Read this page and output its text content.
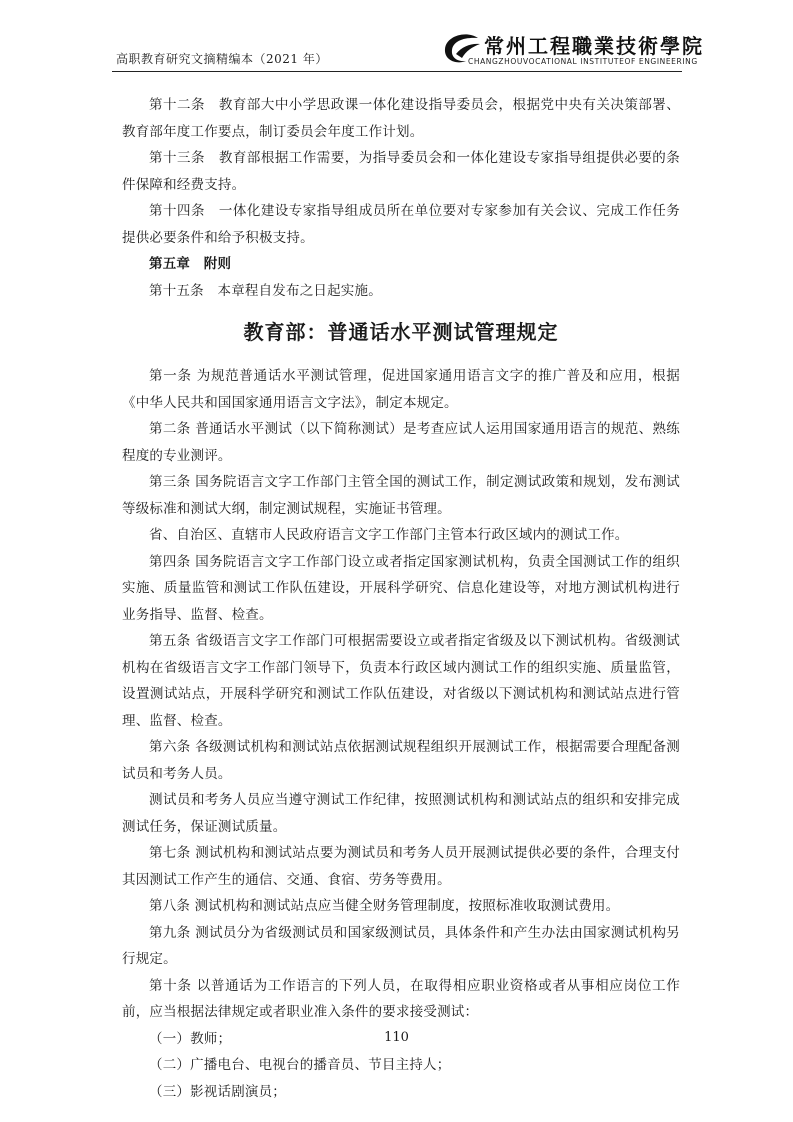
高职教育研究文摘精编本（2021 年）
常州工程職業技術學院
CHANGZHOUVOCATIONAL INSTITUTEOF ENGINEERING

第十二条　教育部大中小学思政课一体化建设指导委员会，根据党中央有关决策部署、教育部年度工作要点，制订委员会年度工作计划。

第十三条　教育部根据工作需要，为指导委员会和一体化建设专家指导组提供必要的条件保障和经费支持。

第十四条　一体化建设专家指导组成员所在单位要对专家参加有关会议、完成工作任务提供必要条件和给予积极支持。

第五章　附则

第十五条　本章程自发布之日起实施。

教育部：普通话水平测试管理规定

第一条 为规范普通话水平测试管理，促进国家通用语言文字的推广普及和应用，根据《中华人民共和国国家通用语言文字法》，制定本规定。

第二条 普通话水平测试（以下简称测试）是考查应试人运用国家通用语言的规范、熟练程度的专业测评。

第三条 国务院语言文字工作部门主管全国的测试工作，制定测试政策和规划，发布测试等级标准和测试大纲，制定测试规程，实施证书管理。

省、自治区、直辖市人民政府语言文字工作部门主管本行政区域内的测试工作。

第四条 国务院语言文字工作部门设立或者指定国家测试机构，负责全国测试工作的组织实施、质量监管和测试工作队伍建设，开展科学研究、信息化建设等，对地方测试机构进行业务指导、监督、检查。

第五条 省级语言文字工作部门可根据需要设立或者指定省级及以下测试机构。省级测试机构在省级语言文字工作部门领导下，负责本行政区域内测试工作的组织实施、质量监管，设置测试站点，开展科学研究和测试工作队伍建设，对省级以下测试机构和测试站点进行管理、监督、检查。

第六条 各级测试机构和测试站点依据测试规程组织开展测试工作，根据需要合理配备测试员和考务人员。

测试员和考务人员应当遵守测试工作纪律，按照测试机构和测试站点的组织和安排完成测试任务，保证测试质量。

第七条 测试机构和测试站点要为测试员和考务人员开展测试提供必要的条件，合理支付其因测试工作产生的通信、交通、食宿、劳务等费用。

第八条 测试机构和测试站点应当健全财务管理制度，按照标准收取测试费用。

第九条 测试员分为省级测试员和国家级测试员，具体条件和产生办法由国家测试机构另行规定。

第十条 以普通话为工作语言的下列人员，在取得相应职业资格或者从事相应岗位工作前，应当根据法律规定或者职业准入条件的要求接受测试：

（一）教师；

（二）广播电台、电视台的播音员、节目主持人；

（三）影视话剧演员；

110
